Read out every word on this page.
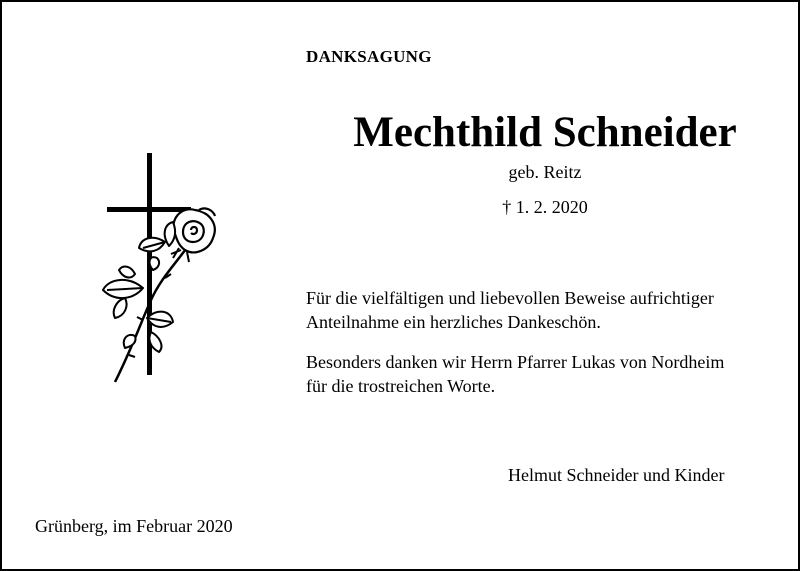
DANKSAGUNG
Mechthild Schneider
geb. Reitz
† 1. 2. 2020
Für die vielfältigen und liebevollen Beweise aufrichtiger
Anteilnahme ein herzliches Dankeschön.
Besonders danken wir Herrn Pfarrer Lukas von Nordheim
für die trostreichen Worte.
Helmut Schneider und Kinder
Grünberg, im Februar 2020
